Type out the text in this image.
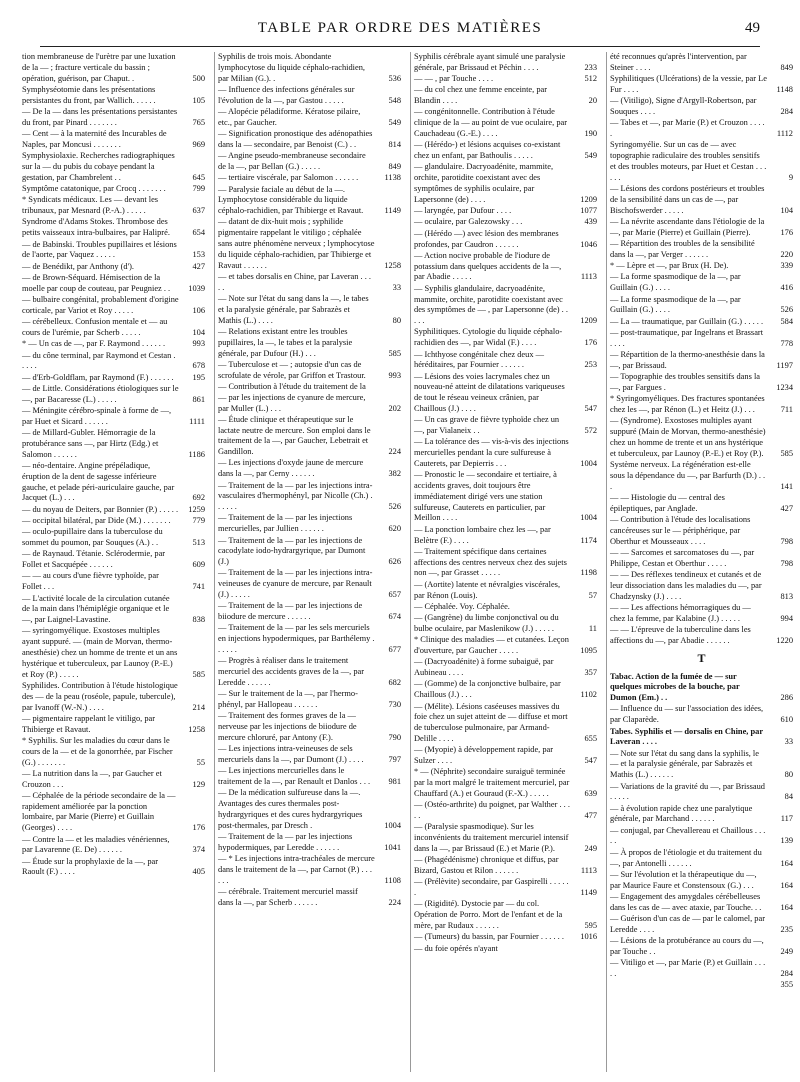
TABLE PAR ORDRE DES MATIÈRES	49
tion membraneuse de l'urètre par une luxation de la — ; fracture verticale du bassin ; opération, guérison, par Chaput. .	500
Symphyséotomie dans les présentations persistantes du front, par Wallich. . . . . .	105
— De la — dans les présentations persistantes du front, par Pinard . . . . . . .	765
— Cent — à la maternité des Incurables de Naples, par Moncusi . . . . . . .	969
Symphysiolaxie. Recherches radiographiques sur la — du pubis du cobaye pendant la gestation, par Chambrelent . .	645
Symptôme catatonique, par Crocq . . . . . . .	799
* Syndicats médicaux. Les — devant les tribunaux, par Mesnard (P.-A.) . . . . .	637
Syndrome d'Adams Stokes. Thrombose des petits vaisseaux intra-bulbaires, par Halipré.	654
— de Babinski. Troubles pupillaires et lésions de l'aorte, par Vaquez . . . . .	153
— de Benédikt, par Anthony (d').	427
— de Brown-Séquard. Hémisection de la moelle par coup de couteau, par Peugniez . .	1039
— bulbaire congénital, probablement d'origine corticale, par Variot et Roy . . . . .	106
— cérébelleux. Confusion mentale et — au cours de l'urémie, par Scherb . . . . .	104
* — Un cas de —, par F. Raymond . . . . . .	993
— du cône terminal, par Raymond et Cestan . . . . .	678
— d'Erb-Goldflam, par Raymond (F.) . . . . . .	195
— de Little. Considérations étiologiques sur le —, par Bacaresse (L.) . . . . .	861
— Méningite cérébro-spinale à forme de —, par Huet et Sicard . . . . . .	1111
— de Millard-Gubler. Hémorragie de la protubérance sans —, par Hirtz (Edg.) et Salomon . . . . . .	1186
— néo-dentaire. Angine prépéladique, éruption de la dent de sagesse inférieure gauche, et pelade péri-auriculaire gauche, par Jacquet (L.) . . .	692
— du noyau de Deiters, par Bonnier (P.) . . . . .	1259
— occipital bilatéral, par Dide (M.) . . . . . . .	779
— oculo-pupillaire dans la tuberculose du sommet du poumon, par Souques (A.) . .	513
— de Raynaud. Tétanie. Sclérodermie, par Follet et Sacquépée . . . . . .	609
— — au cours d'une fièvre typhoïde, par Follet . . .	741
— L'activité locale de la circulation cutanée de la main dans l'hémiplégie organique et le —, par Laignel-Lavastine.	838
— syringomyélique. Exostoses multiples ayant suppuré. — (main de Morvan, thermo-anesthésie) chez un homme de trente et un ans hystérique et tuberculeux, par Launoy (P.-E.) et Roy (P.) . . . . .	585
Syphilides. Contribution à l'étude histologique des — de la peau (roséole, papule, tubercule), par Ivanoff (W.-N.) . . . .	214
— pigmentaire rappelant le vitiligo, par Thibierge et Ravaut.	1258
* Syphilis. Sur les maladies du cœur dans le cours de la — et de la gonorrhée, par Fischer (G.) . . . . . . .	55
— La nutrition dans la —, par Gaucher et Crouzon . . .	129
— Céphalée de la période secondaire de la — rapidement améliorée par la ponction lombaire, par Marie (Pierre) et Guillain (Georges) . . . .	176
— Contre la — et les maladies vénériennes, par Lavarenne (E. De) . . . . . .	374
— Étude sur la prophylaxie de la —, par Raoult (F.) . . . .	405
Syphilis de trois mois. Abondante lymphocytose du liquide céphalo-rachidien, par Milian (G.). .	536
— Influence des infections générales sur l'évolution de la —, par Gastou . . . . .	548
— Alopécie péladiforme. Kératose pilaire, etc., par Gaucher.	549
— Signification pronostique des adénopathies dans la — secondaire, par Benoist (C.) . .	814
— Angine pseudo-membraneuse secondaire de la —, par Bellan (G.) . . . . .	849
— tertiaire viscérale, par Salomon . . . . . .	1138
— Paralysie faciale au début de la —. Lymphocytose considérable du liquide céphalo-rachidien, par Thibierge et Ravaut.	1149
— datant de dix-huit mois ; syphilide pigmentaire rappelant le vitiligo ; céphalée sans autre phénomène nerveux ; lymphocytose du liquide céphalo-rachidien, par Thibierge et Ravaut . . . . . .	1258
— et tabes dorsalis en Chine, par Laveran . . . . .	33
— Note sur l'état du sang dans la —, le tabes et la paralysie générale, par Sabrazès et Mathis (L.) . . . .	80
— Relations existant entre les troubles pupillaires, la —, le tabes et la paralysie générale, par Dufour (H.) . . .	585
— Tuberculose et — ; autopsie d'un cas de scrofulate de vérole, par Griffon et Trastour.	993
— Contribution à l'étude du traitement de la — par les injections de cyanure de mercure, par Muller (L.) . . .	202
— Étude clinique et thérapeutique sur le lactate neutre de mercure. Son emploi dans le traitement de la —, par Gaucher, Lebetrait et Gandillon.	224
— Les injections d'oxyde jaune de mercure dans la —, par Cerny . . . . . .	382
— Traitement de la — par les injections intra-vasculaires d'hermophényl, par Nicolle (Ch.) . . . . . .	526
— Traitement de la — par les injections mercurielles, par Jullien . . . . . .	620
— Traitement de la — par les injections de cacodylate iodo-hydrargyrique, par Dumont (J.)	626
— Traitement de la — par les injections intra-veineuses de cyanure de mercure, par Renault (J.) . . . . .	657
— Traitement de la — par les injections de biiodure de mercure . . . . . .	674
— Traitement de la — par les sels mercuriels en injections hypodermiques, par Barthélemy . . . . . .	677
— Progrès à réaliser dans le traitement mercuriel des accidents graves de la —, par Leredde . . . . . .	682
— Sur le traitement de la —, par l'hermo-phényl, par Hallopeau . . . . . .	730
— Traitement des formes graves de la — nerveuse par les injections de biiodure de mercure chloruré, par Antony (F.).	790
— Les injections intra-veineuses de sels mercuriels dans la —, par Dumont (J.) . . . .	797
— Les injections mercurielles dans le traitement de la —, par Renault et Danlos . . .	981
— De la médication sulfureuse dans la —. Avantages des cures thermales post-hydrargyriques et des cures hydrargyriques post-thermales, par Dresch .	1004
— Traitement de la — par les injections hypodermiques, par Leredde . . . . . .	1041
— * Les injections intra-trachéales de mercure dans le traitement de la —, par Carnot (P.) . . . . . .	1108
— cérébrale. Traitement mercuriel massif dans la —, par Scherb . . . . . .	224
Syphilis cérébrale ayant simulé une paralysie générale, par Brissaud et Péchin . . . .	233
— — , par Touche . . . .	512
— du col chez une femme enceinte, par Blandin . . . .	20
— congénitonnelle. Contribution à l'étude clinique de la — au point de vue oculaire, par Cauchadeau (G.-E.) . . . .	190
— (Hérédo-) et lésions acquises co-existant chez un enfant, par Bathoulis . . . . .	549
— glandulaire. Dacryoadénite, mammite, orchite, parotidite coexistant avec des symptômes de syphilis oculaire, par Lapersonne (de) . . . .	1209
— laryngée, par Dufour . . . .	1077
— oculaire, par Galezowsky . . .	439
— (Hérédo —) avec lésion des membranes profondes, par Caudron . . . . . .	1046
— Action nocive probable de l'iodure de potassium dans quelques accidents de la —, par Abadie . . . . .	1113
— Syphilis glandulaire, dacryoadénite, mammite, orchite, parotidite coexistant avec des symptômes de — , par Lapersonne (de) . . . . .	1209
Syphilitiques. Cytologie du liquide céphalo-rachidien des —, par Widal (F.) . . . .	176
— Ichthyose congénitale chez deux — héréditaires, par Fournier . . . . . .	253
— Lésions des voies lacrymales chez un nouveau-né atteint de dilatations variqueuses de tout le réseau veineux crânien, par Chaillous (J.) . . . .	547
— Un cas grave de fièvre typhoïde chez un —, par Vialaneix . .	572
— La tolérance des — vis-à-vis des injections mercurielles pendant la cure sulfureuse à Cauterets, par Depierris . . .	1004
— Pronostic le — secondaire et tertiaire, à accidents graves, doit toujours être immédiatement dirigé vers une station sulfureuse, Cauterets en particulier, par Meillon . . . .	1004
— La ponction lombaire chez les —, par Belètre (F.) . . . .	1174
— Traitement spécifique dans certaines affections des centres nerveux chez des sujets non —, par Grasset . . . . .	1198
— (Aortite) latente et névralgies viscérales, par Rénon (Louis).	57
— Céphalée. Voy. Céphalée.
— (Gangrène) du limbe conjonctival ou du bulbe oculaire, par Maslenikow (J.) . . . . .	11
* Clinique des maladies — et cutanées. Leçon d'ouverture, par Gaucher . . . . .	1095
— (Dacryoadénite) à forme subaiguë, par Aubineau . . . .	357
— (Gomme) de la conjonctive bulbaire, par Chaillous (J.) . . .	1102
— (Mélite). Lésions caséeuses massives du foie chez un sujet atteint de — diffuse et mort de tuberculose pulmonaire, par Armand-Delille . . . .	655
— (Myopie) à développement rapide, par Sulzer . . . .	547
* — (Néphrite) secondaire suraiguë terminée par la mort malgré le traitement mercuriel, par Chauffard (A.) et Gouraud (F.-X.) . . . . .	639
— (Ostéo-arthrite) du poignet, par Walther . . . . .	477
— (Paralysie spasmodique). Sur les inconvénients du traitement mercuriel intensif dans la —, par Brissaud (E.) et Marie (P.).	249
— (Phagédénisme) chronique et diffus, par Bizard, Gastou et Rilon . . . . . .	1113
— (Prélèvite) secondaire, par Gaspirelli . . . . . .	1149
— (Rigidité). Dystocie par — du col. Opération de Porro. Mort de l'enfant et de la mère, par Rudaux . . . . . .	595
— (Tumeurs) du bassin, par Fournier . . . . . .	1016
— du foie opérés n'ayant
été reconnues qu'après l'intervention, par Steiner . . . .	849
Syphilitiques (Ulcérations) de la vessie, par Le Fur . . . .	1148
— (Vitiligo), Signe d'Argyll-Robertson, par Souques . . . .	284
— Tabes et —, par Marie (P.) et Crouzon . . . . .	1112
Syringomyélie. Sur un cas de — avec topographie radiculaire des troubles sensitifs et des troubles moteurs, par Huet et Cestan . . . . . .	9
— Lésions des cordons postérieurs et troubles de la sensibilité dans un cas de —, par Bischofswerder . . . . .	104
— La névrite ascendante dans l'étiologie de la —, par Marie (Pierre) et Guillain (Pierre).	176
— Répartition des troubles de la sensibilité dans la —, par Verger . . . . . .	220
* — Lèpre et —, par Brux (H. De).	339
— La forme spasmodique de la —, par Guillain (G.) . . . .	416
— La forme spasmodique de la —, par Guillain (G.) . . . .	526
— La — traumatique, par Guillain (G.) . . . . .	584
— post-traumatique, par Ingelrans et Brassart . . . .	778
— Répartition de la thermo-anesthésie dans la —, par Brissaud.	1197
— Topographie des troubles sensitifs dans la —, par Fargues .	1234
* Syringomyéliques. Des fractures spontanées chez les —, par Rénon (L.) et Heitz (J.) . . .	711
— (Syndrome). Exostoses multiples ayant suppuré (Main de Morvan, thermo-anesthésie) chez un homme de trente et un ans hystérique et tuberculeux, par Launoy (P.-E.) et Roy (P.).	585
Système nerveux. La régénération est-elle sous la dépendance du —, par Barfurth (D.) . . .	141
— — Histologie du — central des épileptiques, par Anglade.	427
— Contribution à l'étude des localisations cancéreuses sur le — périphérique, par Oberthur et Mousseaux . . . .	798
— — Sarcomes et sarcomatoses du —, par Philippe, Cestan et Oberthur . . . . .	798
— — Des réflexes tendineux et cutanés et de leur dissociation dans les maladies du —, par Chadzynsky (J.) . . . .	813
— — Les affections hémorragiques du — chez la femme, par Kalabine (J.) . . . . .	994
— — L'épreuve de la tuberculine dans les affections du —, par Abadie . . . . . .	1220
T
Tabac. Action de la fumée de — sur quelques microbes de la bouche, par Dumon (Em.) . .	286
— Influence du — sur l'association des idées, par Claparède.	610
Tabes. Syphilis et — dorsalis en Chine, par Laveran . . . .	33
— Note sur l'état du sang dans la syphilis, le — et la paralysie générale, par Sabrazès et Mathis (L.) . . . . . .	80
— Variations de la gravité du —, par Brissaud . . . . .	84
— à évolution rapide chez une paralytique générale, par Marchand . . . . . .	117
— conjugal, par Chevallereau et Chaillous . . . . .	139
— À propos de l'étiologie et du traitement du —, par Antonelli . . . . . .	164
— Sur l'évolution et la thérapeutique du —, par Maurice Faure et Constensoux (G.) . . .	164
— Engagement des amygdales cérébelleuses dans les cas de — avec ataxie, par Touche. . .	164
— Guérison d'un cas de — par le calomel, par Leredde . . . .	235
— Lésions de la protubérance au cours du —, par Touche . .	249
— Vitiligo et —, par Marie (P.) et Guillain . . . . .	284
355
